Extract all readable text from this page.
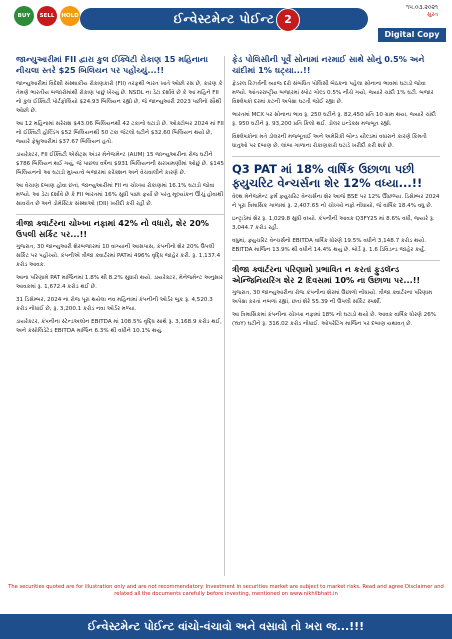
BUY	SELL	HOLD	ઈન્વેસ્ટમેન્ટ પોઈન્ટ 2
૧૫.૦૩.૨૦૨૧
સુરત
Digital Copy
જાન્યુઆરીમાં FII દ્વારા કુલ ઈક્વિટી રોકાણ 15 મહિનાના નીચલા સ્તરે $25 બિલિયન પર પહોંચ્યું...!!

જાન્યુઆરીમાં વિદેશી સંસ્થાકીય રોકાણકારો (FII) તરફથી ભારત ખાતે ઓછો રસ છે, કારણ કે તેમણે ભારતીય બજારોમાંથી રોકાણ પાછું ખેંચ્યું છે. NSDL ના ડેટા દર્શાવે છે કે આ મહિને FII નો કુલ ઈક્વિટી પોર્ટફોલિયો $24.93 બિલિયન રહ્યો છે, જે જાન્યુઆરી 2023 પછીનો સૌથી ઓછો છે.

આ 12 મહિનામાં સરેરાશ $43.06 બિલિયનથી 42 ટકાનો ઘટાડો છે. ઓક્ટોબર 2024 માં FII નો ઈક્વિટી હોલ્ડિંગ $52 બિલિયનથી 50 ટકા જેટલો ઘટીને $32.60 બિલિયન થયો છે, જ્યારે ફેબ્રુઆરીમાં $37.67 બિલિયન હતો.

ડાયરેક્ટર, FII ઈક્વિટી એસેટ્સ અંડર મેનેજમેન્ટ (AUM) 15 જાન્યુઆરીના રોજ ઘટીને $786 બિલિયન થઈ ગયું, જે પાછલા વર્ષના $931 બિલિયનની સરખામણીમાં ઓછું છે. $145 બિલિયનનો આ ઘટાડો મુખ્યત્વે બજારમાં કરેક્શન અને વેચવાલીને કારણે છે.

આ વેચાણ દબાણ હોવા છતાં, જાન્યુઆરીમાં FII ના ચોખ્ખા રોકાણમાં 16.1% ઘટાડો જોવા મળ્યો. આ ડેટા દર્શાવે છે કે FII ભારતમાં 16% સુધી પાછા ફર્યા છે પરંતુ મૂલ્યાંકન ઊંચું હોવાથી સાવચેત છે અને ડોમેસ્ટિક સંસ્થાઓ (DII) ખરીદી કરી રહી છે.

ત્રીજા ક્વાર્ટરના ચોખ્ખા નફામાં 42% નો વધારો, શેર 20% ઉપલી સર્કિટ પર...!!

ગુજરાત, 30 જાન્યુઆરી શેરબજારમાં 10 વાગ્યાની આસપાસ, કંપનીનો શેર 20% ઉપલી સર્કિટ પર પહોંચ્યો. કંપનીએ ત્રીજા ક્વાર્ટરમાં PATમાં 496% વૃદ્ધિ જાહેર કરી. રૂ. 1,137.4 કરોડ આવક.

આના પરિણામે PAT માર્જિનમાં 1.8% થી 8.2% સુધારો થયો. ડાયરેક્ટર, મેનેજમેન્ટ અનુસાર આવકમાં રૂ. 1,672.4 કરોડ થઈ છે.

31 ડિસેમ્બર, 2024 ના રોજ પૂરા થયેલા નવ મહિનામાં કંપનીની ઓર્ડર બુક રૂ. 4,520.3 કરોડ નોંધાઈ છે, રૂ. 3,200.1 કરોડ નવા ઓર્ડર મળ્યા.

ડાયરેક્ટર, કંપનીના સ્ટેન્ડઅલોન EBITDA માં 108.5% વૃદ્ધિ સાથે રૂ. 3,168.9 કરોડ થઈ, અને કંસોલિડેટેડ EBITDA માર્જિન 6.3% થી વધીને 10.1% થયું.

ફેડ પોલિસીની પૂર્વે સોનામાં નરમાઈ સાથે સોનું 0.5% અને ચાંદીમાં 1% ઘટ્યા...!!

ફેડરલ રિઝર્વની વ્યાજ દરો સંબંધિત પોલિસી બેઠકના પહેલા સોનાના ભાવમાં ઘટાડો જોવા મળ્યો. આંતરરાષ્ટ્રીય બજારમાં સ્પોટ ગોલ્ડ 0.5% નીચે ગયો, જ્યારે ચાંદી 1% ઘટી. બજાર વિશ્લેષકો દરમાં કટની અપેક્ષા ઘટતી જોઈ રહ્યા છે.

ભારતમાં MCX પર સોનાના ભાવ રૂ. 250 ઘટીને રૂ. 82,450 પ્રતિ 10 ગ્રામ થયા, જ્યારે ચાંદી રૂ. 950 ઘટીને રૂ. 93,200 પ્રતિ કિલો થઈ. ડોલર ઇન્ડેક્સ મજબૂત રહ્યો.

વિશ્લેષકોના મતે ડોલરની મજબૂતાઈ અને અમેરિકી બોન્ડ યીલ્ડમાં વધારાને કારણે કિંમતી ધાતુઓ પર દબાણ છે. લાંબા ગાળાના રોકાણકારો ઘટાડે ખરીદી કરી શકે છે.

Q3 PAT માં 18% વાર્ષિક ઉછાળા પછી ફ્યુચરિટ વેન્ચર્સના શેર 12% વધ્યા...!!

વેલ્થ મેનેજમેન્ટ ફર્મ ફ્યુચરિટ વેન્ચર્સના શેર આજે BSE પર 12% ઊછળ્યા. ડિસેમ્બર 2024 ને પૂરા ત્રિમાસિક ગાળામાં રૂ. 2,407.65 નો ચોખ્ખો નફો નોંધાયો, જે વાર્ષિક 18.4% વધુ છે.

ઇન્ટ્રાડેમાં શેર રૂ. 1,029.8 સુધી વધ્યો. કંપનીની આવક Q3FY25 માં 8.6% વધી, જ્યારે રૂ. 3,044.7 કરોડ રહી.

વધુમાં, ફ્યુચરિટ વેન્ચર્સનો EBITDA વાર્ષિક ધોરણે 19.5% વધીને 3,148.7 કરોડ થયો. EBITDA માર્જિન 13.9% થી વધીને 14.4% થયું છે. બોર્ડે રૂ. 1.6 ડિવિડન્ડ જાહેર કર્યું.

ત્રીજા ક્વાર્ટરના પરિણામો પ્રભાવિત ન કરતાં ફુડલૅન્ડ એન્જિનિયરિંગ શેર 2 દિવસમાં 10% ના ઉછાળા પર...!!

ગુજરાત, 30 જાન્યુઆરીના રોજ કંપનીના શેરમાં ઉછાળો નોંધાયો. ત્રીજા ક્વાર્ટરના પરિણામ અપેક્ષા કરતાં નબળાં રહ્યાં, છતાં શેરે 55.39 ની ઉપલી સર્કિટ સ્પર્શી.

આ ત્રિમાસિકમાં કંપનીના ચોખ્ખા નફામાં 18% નો ઘટાડો થયો છે. આવક વાર્ષિક ધોરણે 26% (YoY) ઘટીને રૂ. 316.02 કરોડ નોંધાઈ. ઓપરેટિંગ માર્જિન પર દબાણ યથાવત્ છે.

The securities quoted are for illustration only and are not recommendatory. Investment in securities market are subject to market risks. Read and agree Disclaimer and related all the documents carefully before investing, mentioned on www.nikhilbhatt.in
ઈન્વેસ્ટમેન્ટ પોઈન્ટ વાંચો-વંચાવો અને વસાવો તો ખરા જ...!!!
